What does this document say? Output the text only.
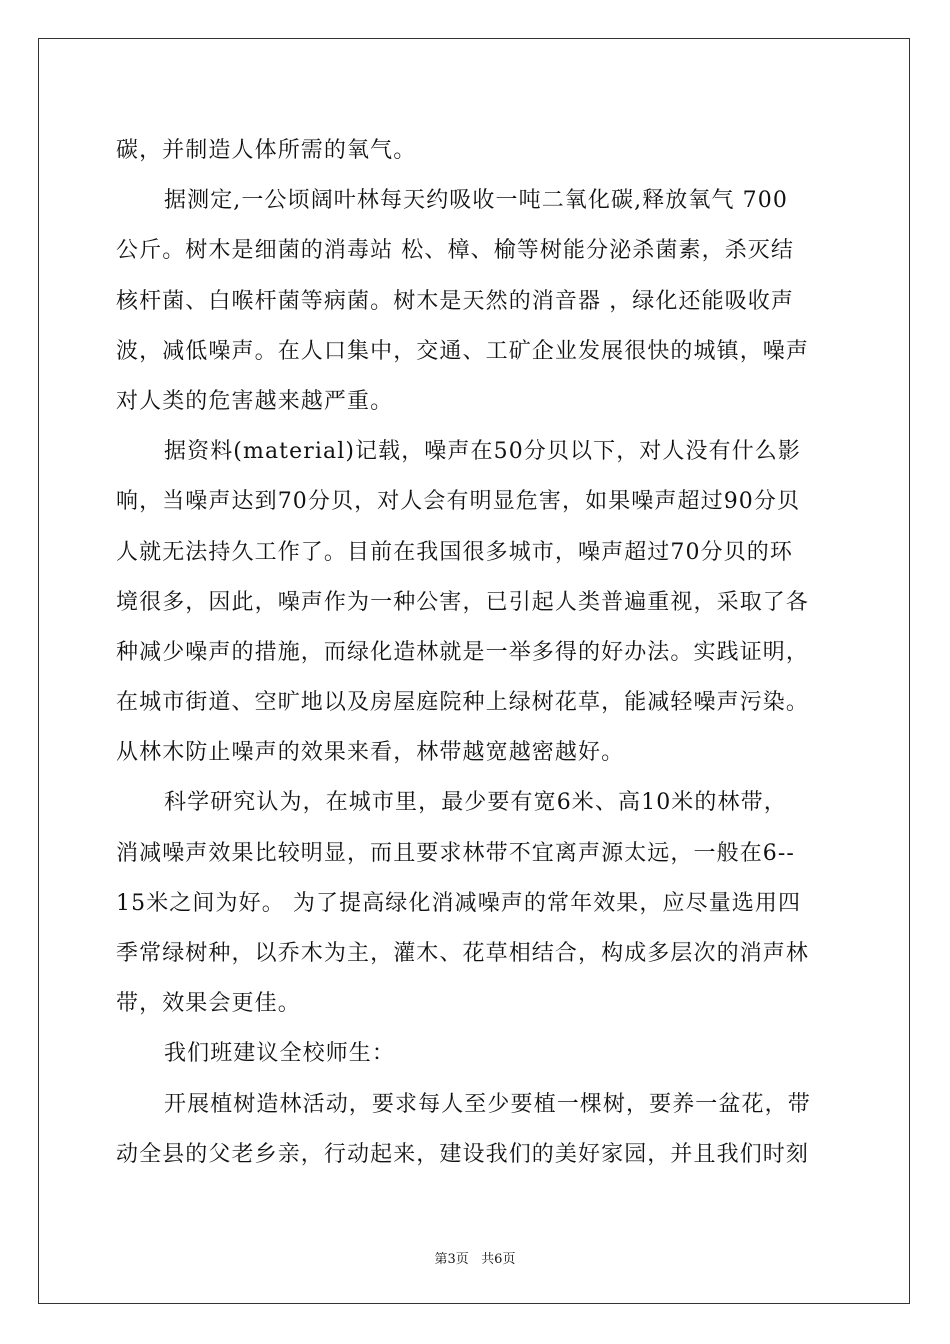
碳，并制造人体所需的氧气。
据测定,一公顷阔叶林每天约吸收一吨二氧化碳,释放氧气 700
公斤。树木是细菌的消毒站 松、樟、榆等树能分泌杀菌素，杀灭结
核杆菌、白喉杆菌等病菌。树木是天然的消音器 ，绿化还能吸收声
波，减低噪声。在人口集中，交通、工矿企业发展很快的城镇，噪声
对人类的危害越来越严重。
据资料(material)记载，噪声在50分贝以下，对人没有什么影
响，当噪声达到70分贝，对人会有明显危害，如果噪声超过90分贝
人就无法持久工作了。目前在我国很多城市，噪声超过70分贝的环
境很多，因此，噪声作为一种公害，已引起人类普遍重视，采取了各
种减少噪声的措施，而绿化造林就是一举多得的好办法。实践证明，
在城市街道、空旷地以及房屋庭院种上绿树花草，能减轻噪声污染。
从林木防止噪声的效果来看，林带越宽越密越好。
科学研究认为，在城市里，最少要有宽6米、高10米的林带，
消减噪声效果比较明显，而且要求林带不宜离声源太远，一般在6--
15米之间为好。 为了提高绿化消减噪声的常年效果，应尽量选用四
季常绿树种，以乔木为主，灌木、花草相结合，构成多层次的消声林
带，效果会更佳。
我们班建议全校师生：
开展植树造林活动，要求每人至少要植一棵树，要养一盆花，带
动全县的父老乡亲，行动起来，建设我们的美好家园，并且我们时刻
第3页   共6页
